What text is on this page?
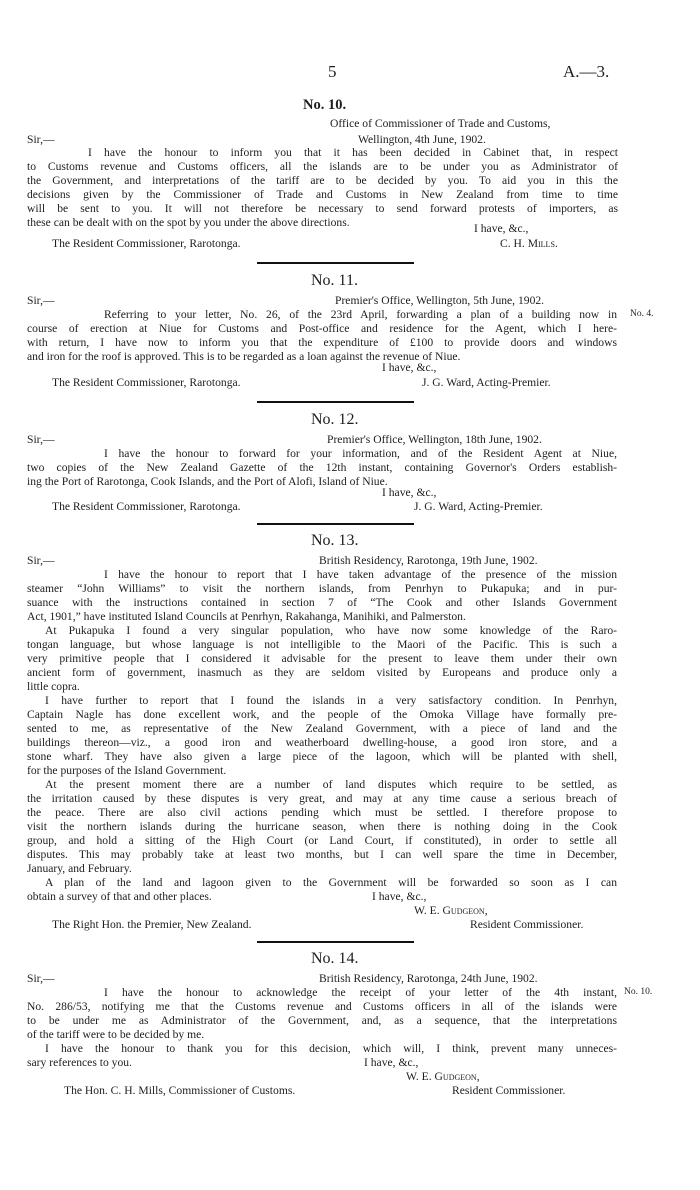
5	A.—3.
No. 10.
Office of Commissioner of Trade and Customs,
Sir,—	Wellington, 4th June, 1902.
I have the honour to inform you that it has been decided in Cabinet that, in respect
to Customs revenue and Customs officers, all the islands are to be under you as Administrator of
the Government, and interpretations of the tariff are to be decided by you. To aid you in this the
decisions given by the Commissioner of Trade and Customs in New Zealand from time to time
will be sent to you. It will not therefore be necessary to send forward protests of importers, as
these can be dealt with on the spot by you under the above directions.	I have, &c.,
The Resident Commissioner, Rarotonga.	C. H. Mills.
No. 11.
Sir,—	Premier's Office, Wellington, 5th June, 1902.
Referring to your letter, No. 26, of the 23rd April, forwarding a plan of a building now in No. 4.
course of erection at Niue for Customs and Post-office and residence for the Agent, which I here-
with return, I have now to inform you that the expenditure of £100 to provide doors and windows
and iron for the roof is approved. This is to be regarded as a loan against the revenue of Niue.
I have, &c.,
The Resident Commissioner, Rarotonga.	J. G. Ward, Acting-Premier.
No. 12.
Sir,—	Premier's Office, Wellington, 18th June, 1902.
I have the honour to forward for your information, and of the Resident Agent at Niue,
two copies of the New Zealand Gazette of the 12th instant, containing Governor's Orders establish-
ing the Port of Rarotonga, Cook Islands, and the Port of Alofi, Island of Niue.
I have, &c.,
The Resident Commissioner, Rarotonga.	J. G. Ward, Acting-Premier.
No. 13.
Sir,—	British Residency, Rarotonga, 19th June, 1902.
I have the honour to report that I have taken advantage of the presence of the mission
steamer “John Williams” to visit the northern islands, from Penrhyn to Pukapuka; and in pur-
suance with the instructions contained in section 7 of “The Cook and other Islands Government
Act, 1901,” have instituted Island Councils at Penrhyn, Rakahanga, Manihiki, and Palmerston.
At Pukapuka I found a very singular population, who have now some knowledge of the Raro-
tongan language, but whose language is not intelligible to the Maori of the Pacific. This is such a
very primitive people that I considered it advisable for the present to leave them under their own
ancient form of government, inasmuch as they are seldom visited by Europeans and produce only a
little copra.
I have further to report that I found the islands in a very satisfactory condition. In Penrhyn,
Captain Nagle has done excellent work, and the people of the Omoka Village have formally pre-
sented to me, as representative of the New Zealand Government, with a piece of land and the
buildings thereon—viz., a good iron and weatherboard dwelling-house, a good iron store, and a
stone wharf. They have also given a large piece of the lagoon, which will be planted with shell,
for the purposes of the Island Government.
At the present moment there are a number of land disputes which require to be settled, as
the irritation caused by these disputes is very great, and may at any time cause a serious breach of
the peace. There are also civil actions pending which must be settled. I therefore propose to
visit the northern islands during the hurricane season, when there is nothing doing in the Cook
group, and hold a sitting of the High Court (or Land Court, if constituted), in order to settle all
disputes. This may probably take at least two months, but I can well spare the time in December,
January, and February.
A plan of the land and lagoon given to the Government will be forwarded so soon as I can
obtain a survey of that and other places.	I have, &c.,
W. E. Gudgeon,
The Right Hon. the Premier, New Zealand.	Resident Commissioner.
No. 14.
Sir,—	British Residency, Rarotonga, 24th June, 1902.
I have the honour to acknowledge the receipt of your letter of the 4th instant, No. 10.
No. 286/53, notifying me that the Customs revenue and Customs officers in all of the islands were
to be under me as Administrator of the Government, and, as a sequence, that the interpretations
of the tariff were to be decided by me.
I have the honour to thank you for this decision, which will, I think, prevent many unneces-
sary references to you.	I have, &c.,
W. E. Gudgeon,
The Hon. C. H. Mills, Commissioner of Customs.	Resident Commissioner.
